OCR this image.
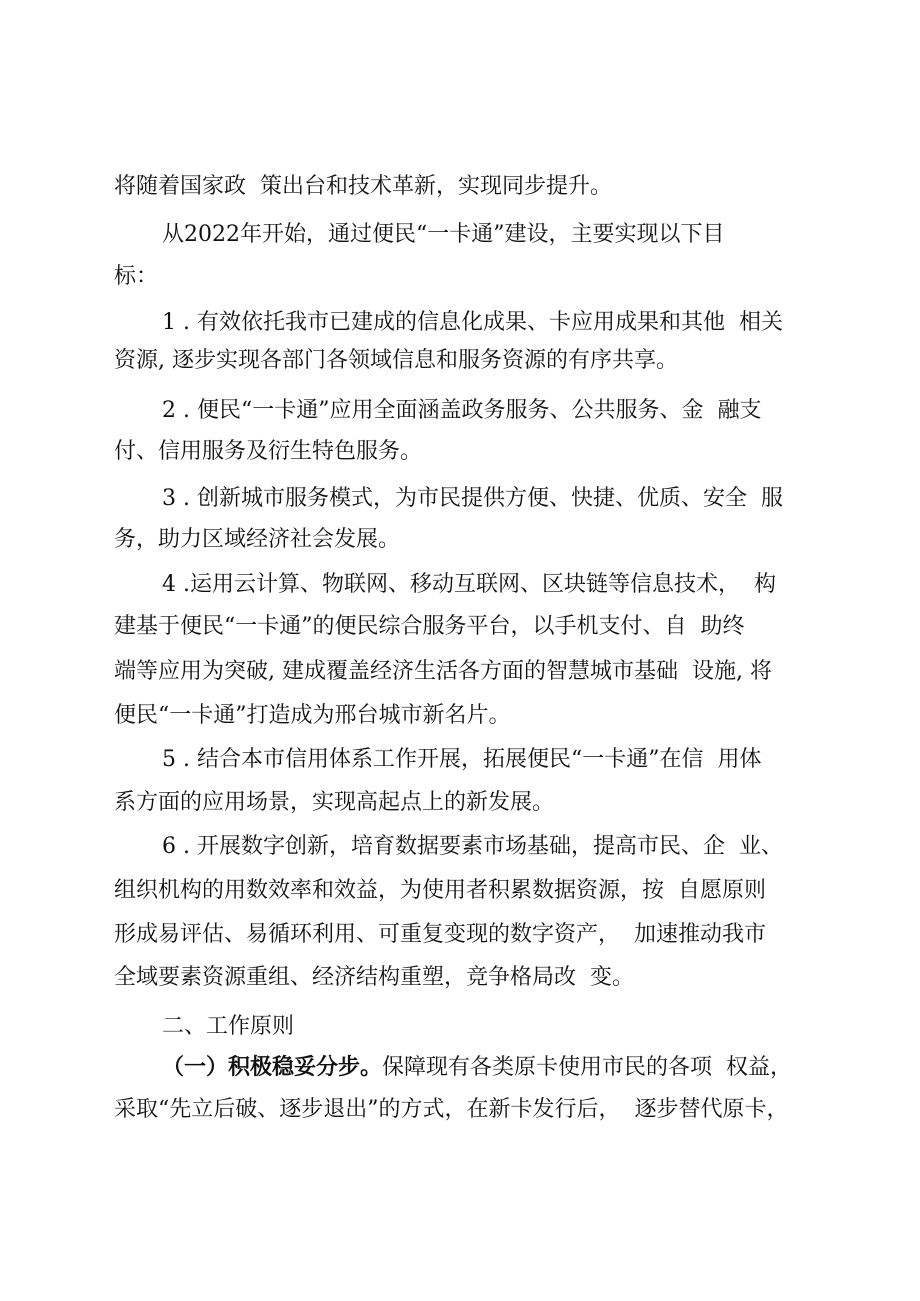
将随着国家政  策出台和技术革新，实现同步提升。

从2022年开始，通过便民“一卡通”建设，主要实现以下目

标：

1 . 有效依托我市已建成的信息化成果、卡应用成果和其他  相关

资源, 逐步实现各部门各领域信息和服务资源的有序共享。

2 . 便民“一卡通”应用全面涵盖政务服务、公共服务、金  融支

付、信用服务及衍生特色服务。

3 . 创新城市服务模式，为市民提供方便、快捷、优质、安全  服

务，助力区域经济社会发展。

4 .运用云计算、物联网、移动互联网、区块链等信息技术，  构

建基于便民“一卡通”的便民综合服务平台，以手机支付、自  助终

端等应用为突破, 建成覆盖经济生活各方面的智慧城市基础  设施, 将

便民“一卡通”打造成为邢台城市新名片。

5 . 结合本市信用体系工作开展，拓展便民“一卡通”在信  用体

系方面的应用场景，实现高起点上的新发展。

6 . 开展数字创新，培育数据要素市场基础，提高市民、企  业、

组织机构的用数效率和效益，为使用者积累数据资源，按  自愿原则

形成易评估、易循环利用、可重复变现的数字资产，  加速推动我市

全域要素资源重组、经济结构重塑，竞争格局改  变。

二、工作原则

（一）积极稳妥分步。保障现有各类原卡使用市民的各项  权益，

采取“先立后破、逐步退出”的方式，在新卡发行后，  逐步替代原卡，
